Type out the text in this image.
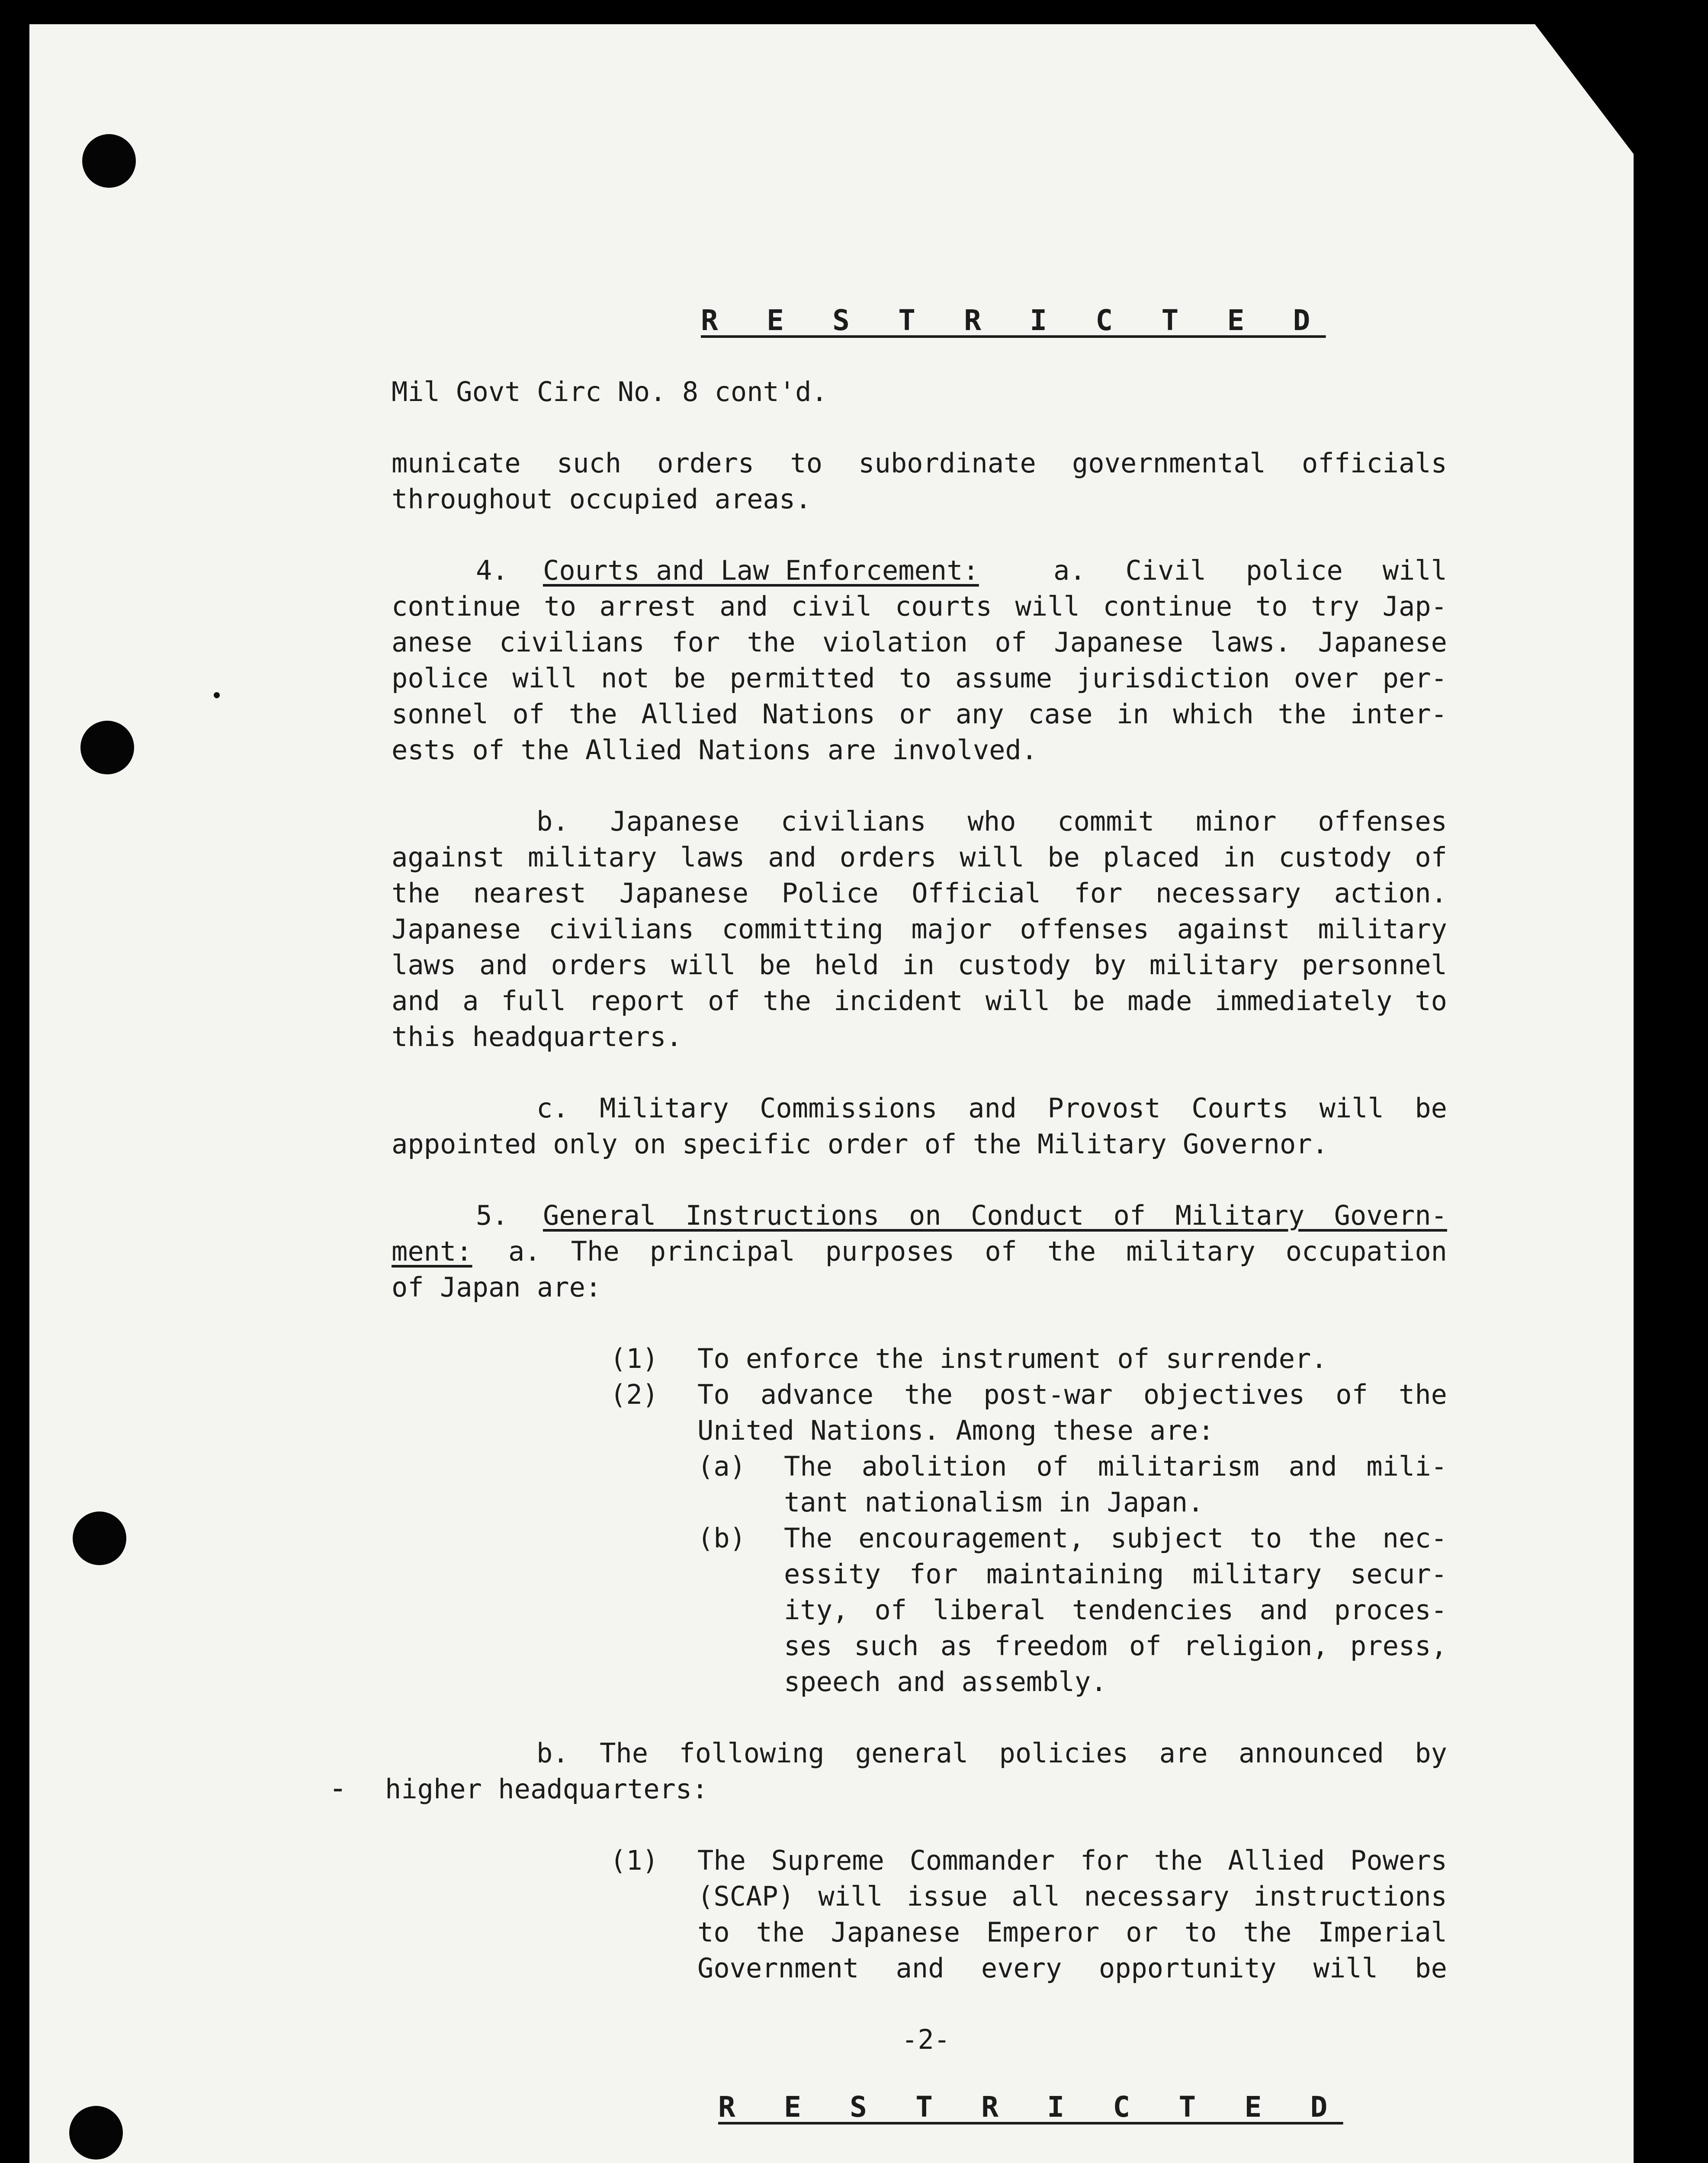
R E S T R I C T E D
Mil Govt Circ No. 8 cont'd.
municate such orders to subordinate governmental officials
throughout occupied areas.
4. Courts and Law Enforcement:	a. Civil police will
continue to arrest and civil courts will continue to try Jap-
anese civilians for the violation of Japanese laws. Japanese
police will not be permitted to assume jurisdiction over per-
sonnel of the Allied Nations or any case in which the inter-
ests of the Allied Nations are involved.
b. Japanese civilians who commit minor offenses
against military laws and orders will be placed in custody of
the nearest Japanese Police Official for necessary action.
Japanese civilians committing major offenses against military
laws and orders will be held in custody by military personnel
and a full report of the incident will be made immediately to
this headquarters.
c. Military Commissions and Provost Courts will be
appointed only on specific order of the Military Governor.
5. General Instructions on Conduct of Military Govern-
ment: a. The principal purposes of the military occupation
of Japan are:
(1) To enforce the instrument of surrender.
(2) To advance the post-war objectives of the
United Nations. Among these are:
(a) The abolition of militarism and mili-
tant nationalism in Japan.
(b) The encouragement, subject to the nec-
essity for maintaining military secur-
ity, of liberal tendencies and proces-
ses such as freedom of religion, press,
speech and assembly.
b. The following general policies are announced by
higher headquarters:
(1) The Supreme Commander for the Allied Powers
(SCAP) will issue all necessary instructions
to the Japanese Emperor or to the Imperial
Government and every opportunity will be
-2-
R E S T R I C T E D
